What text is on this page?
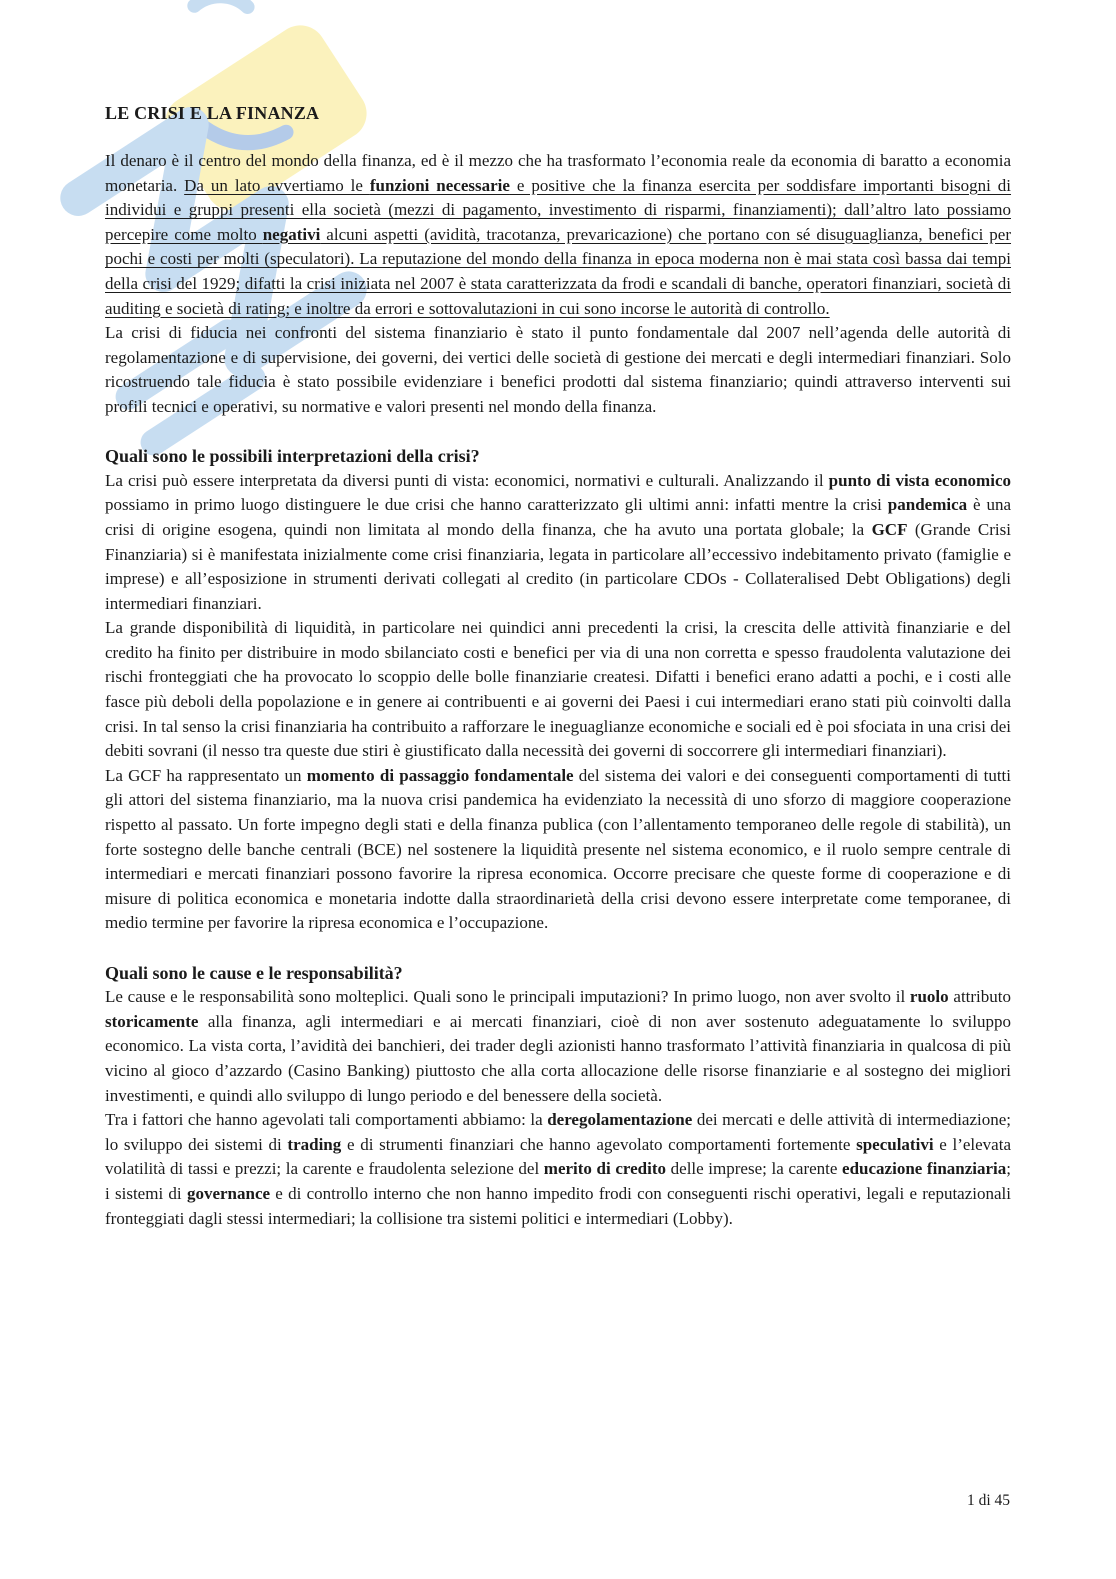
LE CRISI E LA FINANZA

Il denaro è il centro del mondo della finanza, ed è il mezzo che ha trasformato l’economia reale da economia di baratto a economia monetaria. Da un lato avvertiamo le funzioni necessarie e positive che la finanza esercita per soddisfare importanti bisogni di individui e gruppi presenti ella società (mezzi di pagamento, investimento di risparmi, finanziamenti); dall’altro lato possiamo percepire come molto negativi alcuni aspetti (avidità, tracotanza, prevaricazione) che portano con sé disuguaglianza, benefici per pochi e costi per molti (speculatori). La reputazione del mondo della finanza in epoca moderna non è mai stata così bassa dai tempi della crisi del 1929; difatti la crisi iniziata nel 2007 è stata caratterizzata da frodi e scandali di banche, operatori finanziari, società di auditing e società di rating; e inoltre da errori e sottovalutazioni in cui sono incorse le autorità di controllo.

La crisi di fiducia nei confronti del sistema finanziario è stato il punto fondamentale dal 2007 nell’agenda delle autorità di regolamentazione e di supervisione, dei governi, dei vertici delle società di gestione dei mercati e degli intermediari finanziari. Solo ricostruendo tale fiducia è stato possibile evidenziare i benefici prodotti dal sistema finanziario; quindi attraverso interventi sui profili tecnici e operativi, su normative e valori presenti nel mondo della finanza.

Quali sono le possibili interpretazioni della crisi?

La crisi può essere interpretata da diversi punti di vista: economici, normativi e culturali. Analizzando il punto di vista economico possiamo in primo luogo distinguere le due crisi che hanno caratterizzato gli ultimi anni: infatti mentre la crisi pandemica è una crisi di origine esogena, quindi non limitata al mondo della finanza, che ha avuto una portata globale; la GCF (Grande Crisi Finanziaria) si è manifestata inizialmente come crisi finanziaria, legata in particolare all’eccessivo indebitamento privato (famiglie e imprese) e all’esposizione in strumenti derivati collegati al credito (in particolare CDOs - Collateralised Debt Obligations) degli intermediari finanziari.

La grande disponibilità di liquidità, in particolare nei quindici anni precedenti la crisi, la crescita delle attività finanziarie e del credito ha finito per distribuire in modo sbilanciato costi e benefici per via di una non corretta e spesso fraudolenta valutazione dei rischi fronteggiati che ha provocato lo scoppio delle bolle finanziarie createsi. Difatti i benefici erano adatti a pochi, e i costi alle fasce più deboli della popolazione e in genere ai contribuenti e ai governi dei Paesi i cui intermediari erano stati più coinvolti dalla crisi. In tal senso la crisi finanziaria ha contribuito a rafforzare le ineguaglianze economiche e sociali ed è poi sfociata in una crisi dei debiti sovrani (il nesso tra queste due stiri è giustificato dalla necessità dei governi di soccorrere gli intermediari finanziari).

La GCF ha rappresentato un momento di passaggio fondamentale del sistema dei valori e dei conseguenti comportamenti di tutti gli attori del sistema finanziario, ma la nuova crisi pandemica ha evidenziato la necessità di uno sforzo di maggiore cooperazione rispetto al passato. Un forte impegno degli stati e della finanza publica (con l’allentamento temporaneo delle regole di stabilità), un forte sostegno delle banche centrali (BCE) nel sostenere la liquidità presente nel sistema economico, e il ruolo sempre centrale di intermediari e mercati finanziari possono favorire la ripresa economica. Occorre precisare che queste forme di cooperazione e di misure di politica economica e monetaria indotte dalla straordinarietà della crisi devono essere interpretate come temporanee, di medio termine per favorire la ripresa economica e l’occupazione.

Quali sono le cause e le responsabilità?

Le cause e le responsabilità sono molteplici. Quali sono le principali imputazioni? In primo luogo, non aver svolto il ruolo attributo storicamente alla finanza, agli intermediari e ai mercati finanziari, cioè di non aver sostenuto adeguatamente lo sviluppo economico. La vista corta, l’avidità dei banchieri, dei trader degli azionisti hanno trasformato l’attività finanziaria in qualcosa di più vicino al gioco d’azzardo (Casino Banking) piuttosto che alla corta allocazione delle risorse finanziarie e al sostegno dei migliori investimenti, e quindi allo sviluppo di lungo periodo e del benessere della società.

Tra i fattori che hanno agevolati tali comportamenti abbiamo: la deregolamentazione dei mercati e delle attività di intermediazione; lo sviluppo dei sistemi di trading e di strumenti finanziari che hanno agevolato comportamenti fortemente speculativi e l’elevata volatilità di tassi e prezzi; la carente e fraudolenta selezione del merito di credito delle imprese; la carente educazione finanziaria; i sistemi di governance e di controllo interno che non hanno impedito frodi con conseguenti rischi operativi, legali e reputazionali fronteggiati dagli stessi intermediari; la collisione tra sistemi politici e intermediari (Lobby).

1 di 45
